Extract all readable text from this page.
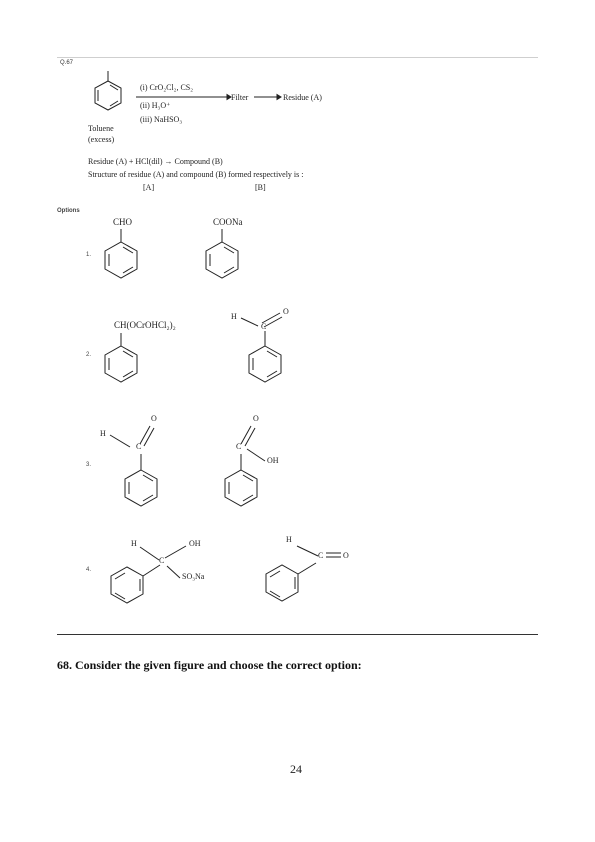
Q.67
(i) CrO₂Cl₂, CS₂
(ii) H₃O⁺
(iii) NaHSO₃
Filter	Residue (A)
Toluene
(excess)
Residue (A) + HCl(dil) → Compound (B)
Structure of residue (A) and compound (B) formed respectively is :
[A]	[B]
Options
1.
2.
3.
4.
CHO	COONa
CH(OCrOHCl₂)₂
H
C
O
H
C
O
C
O
OH
H
C
OH
SO₃Na
H
C O
68. Consider the given figure and choose the correct option:
24
